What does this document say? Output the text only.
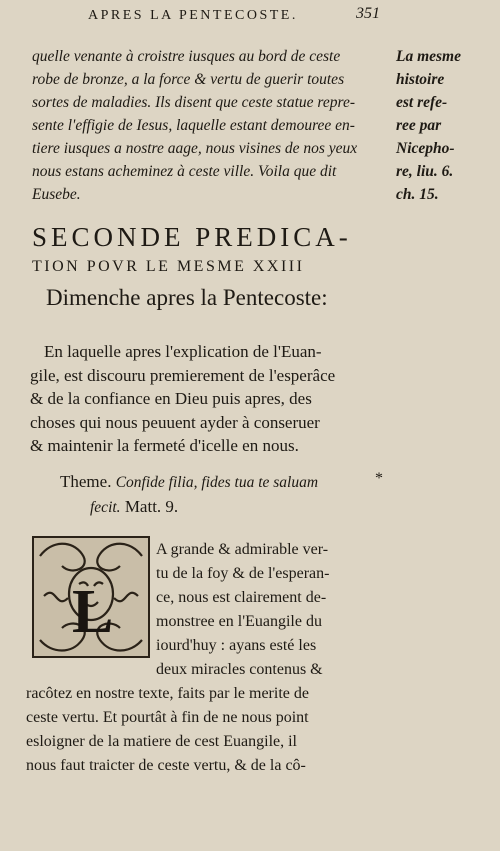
APRES LA PENTECOSTE.	351
quelle venante à croistre iusques au bord de ceste
robe de bronze, a la force & vertu de guerir toutes
sortes de maladies. Ils disent que ceste statue repre-
sente l'effigie de Iesus, laquelle estant demouree en-
tiere iusques a nostre aage, nous visines de nos yeux
nous estans acheminez à ceste ville. Voila que dit
Eusebe.
La mesme
histoire
est refe-
ree par
Nicepho-
re, liu. 6.
ch. 15.
SECONDE PREDICA-
TION POVR LE MESME XXIII
Dimenche apres la Pentecoste:
En laquelle apres l'explication de l'Euan-
gile, est discouru premierement de l'esperâce
& de la confiance en Dieu puis apres, des
choses qui nous peuuent ayder à conseruer
& maintenir la fermeté d'icelle en nous.
Theme. Confide filia, fides tua te saluam
fecit. Matt. 9.
*
L
A grande & admirable ver-
tu de la foy & de l'esperan-
ce, nous est clairement de-
monstree en l'Euangile du
iourd'huy : ayans esté les
deux miracles contenus &
racôtez en nostre texte, faits par le merite de
ceste vertu. Et pourtât à fin de ne nous point
esloigner de la matiere de cest Euangile, il
nous faut traicter de ceste vertu, & de la cô-
